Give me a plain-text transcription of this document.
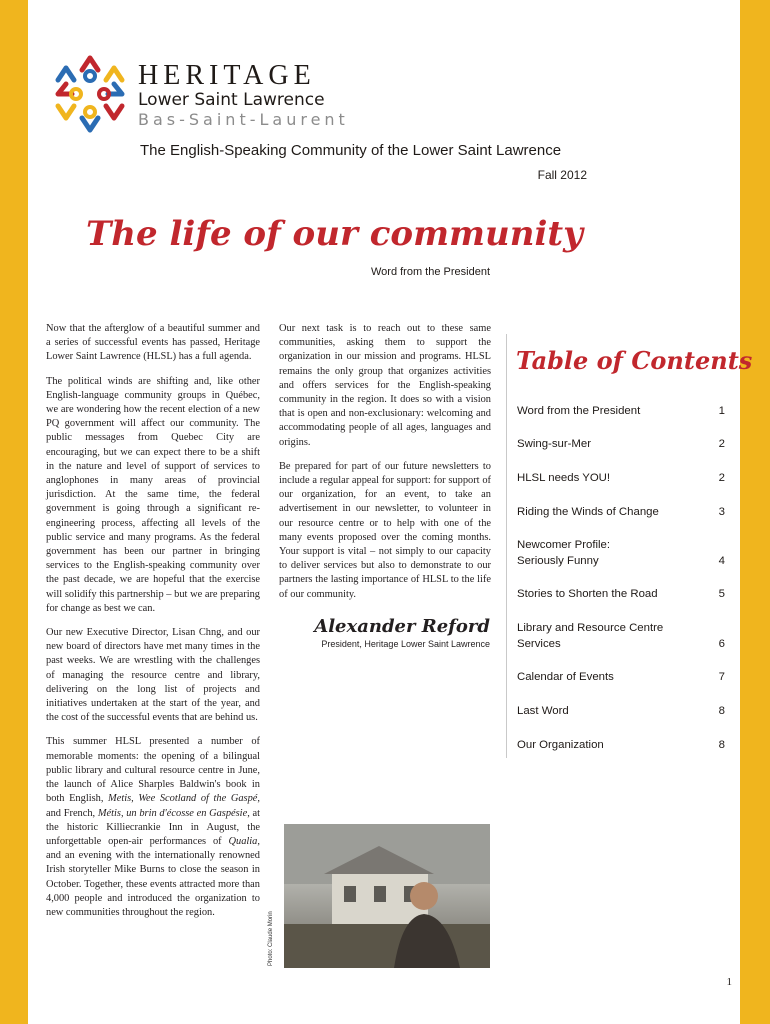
HERITAGE
Lower Saint Lawrence
Bas-Saint-Laurent
The English-Speaking Community of the Lower Saint Lawrence
Fall 2012
The life of our community
Word from the President

Now that the afterglow of a beautiful summer and a series of successful events has passed, Heritage Lower Saint Lawrence (HLSL) has a full agenda.

The political winds are shifting and, like other English-language community groups in Québec, we are wondering how the recent election of a new PQ government will affect our community. The public messages from Quebec City are encouraging, but we can expect there to be a shift in the nature and level of support of services to anglophones in many areas of provincial jurisdiction. At the same time, the federal government is going through a significant re-engineering process, affecting all levels of the public service and many programs. As the federal government has been our partner in bringing services to the English-speaking community over the past decade, we are hopeful that the exercise will solidify this partnership – but we are preparing for change as best we can.

Our new Executive Director, Lisan Chng, and our new board of directors have met many times in the past weeks. We are wrestling with the challenges of managing the resource centre and library, delivering on the long list of projects and initiatives undertaken at the start of the year, and the cost of the successful events that are behind us.

This summer HLSL presented a number of memorable moments: the opening of a bilingual public library and cultural resource centre in June, the launch of Alice Sharples Baldwin's book in both English, Metis, Wee Scotland of the Gaspé, and French, Métis, un brin d'écosse en Gaspésie, at the historic Killiecrankie Inn in August, the unforgettable open-air performances of Qualia, and an evening with the internationally renowned Irish storyteller Mike Burns to close the season in October. Together, these events attracted more than 4,000 people and introduced the organization to new communities throughout the region.

Our next task is to reach out to these same communities, asking them to support the organization in our mission and programs. HLSL remains the only group that organizes activities and offers services for the English-speaking community in the region. It does so with a vision that is open and non-exclusionary: welcoming and accommodating people of all ages, languages and origins.

Be prepared for part of our future newsletters to include a regular appeal for support: for support of our organization, for an event, to take an advertisement in our newsletter, to volunteer in our resource centre or to help with one of the many events proposed over the coming months. Your support is vital – not simply to our capacity to deliver services but also to demonstrate to our partners the lasting importance of HLSL to the life of our community.

Alexander Reford
President, Heritage Lower Saint Lawrence
Photo: Claude Morin
Table of Contents
Word from the President	1
Swing-sur-Mer	2
HLSL needs YOU!	2
Riding the Winds of Change	3
Newcomer Profile: Seriously Funny	4
Stories to Shorten the Road	5
Library and Resource Centre Services	6
Calendar of Events	7
Last Word	8
Our Organization	8
1
